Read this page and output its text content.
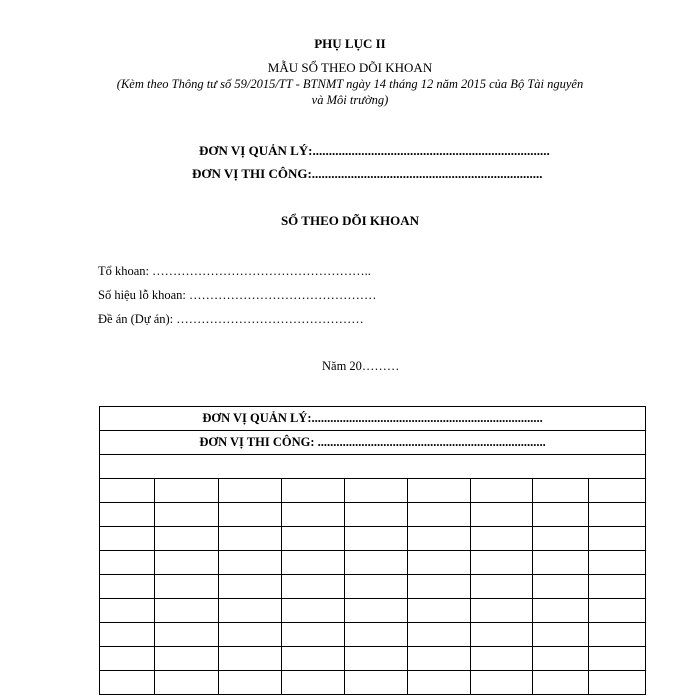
PHỤ LỤC II
MẪU SỔ THEO DÕI KHOAN
(Kèm theo Thông tư số 59/2015/TT - BTNMT ngày 14 tháng 12 năm 2015 của Bộ Tài nguyên
và Môi trường)
ĐƠN VỊ QUẢN LÝ:.........................................................................
ĐƠN VỊ THI CÔNG:.......................................................................
SỔ THEO DÕI KHOAN
Tổ khoan: ……………………………………………..
Số hiệu lỗ khoan: ………………………………………
Đề án (Dự án): ………………………………………
Năm 20………
ĐƠN VỊ QUẢN LÝ:..........................................................................								
ĐƠN VỊ THI CÔNG: .........................................................................								
